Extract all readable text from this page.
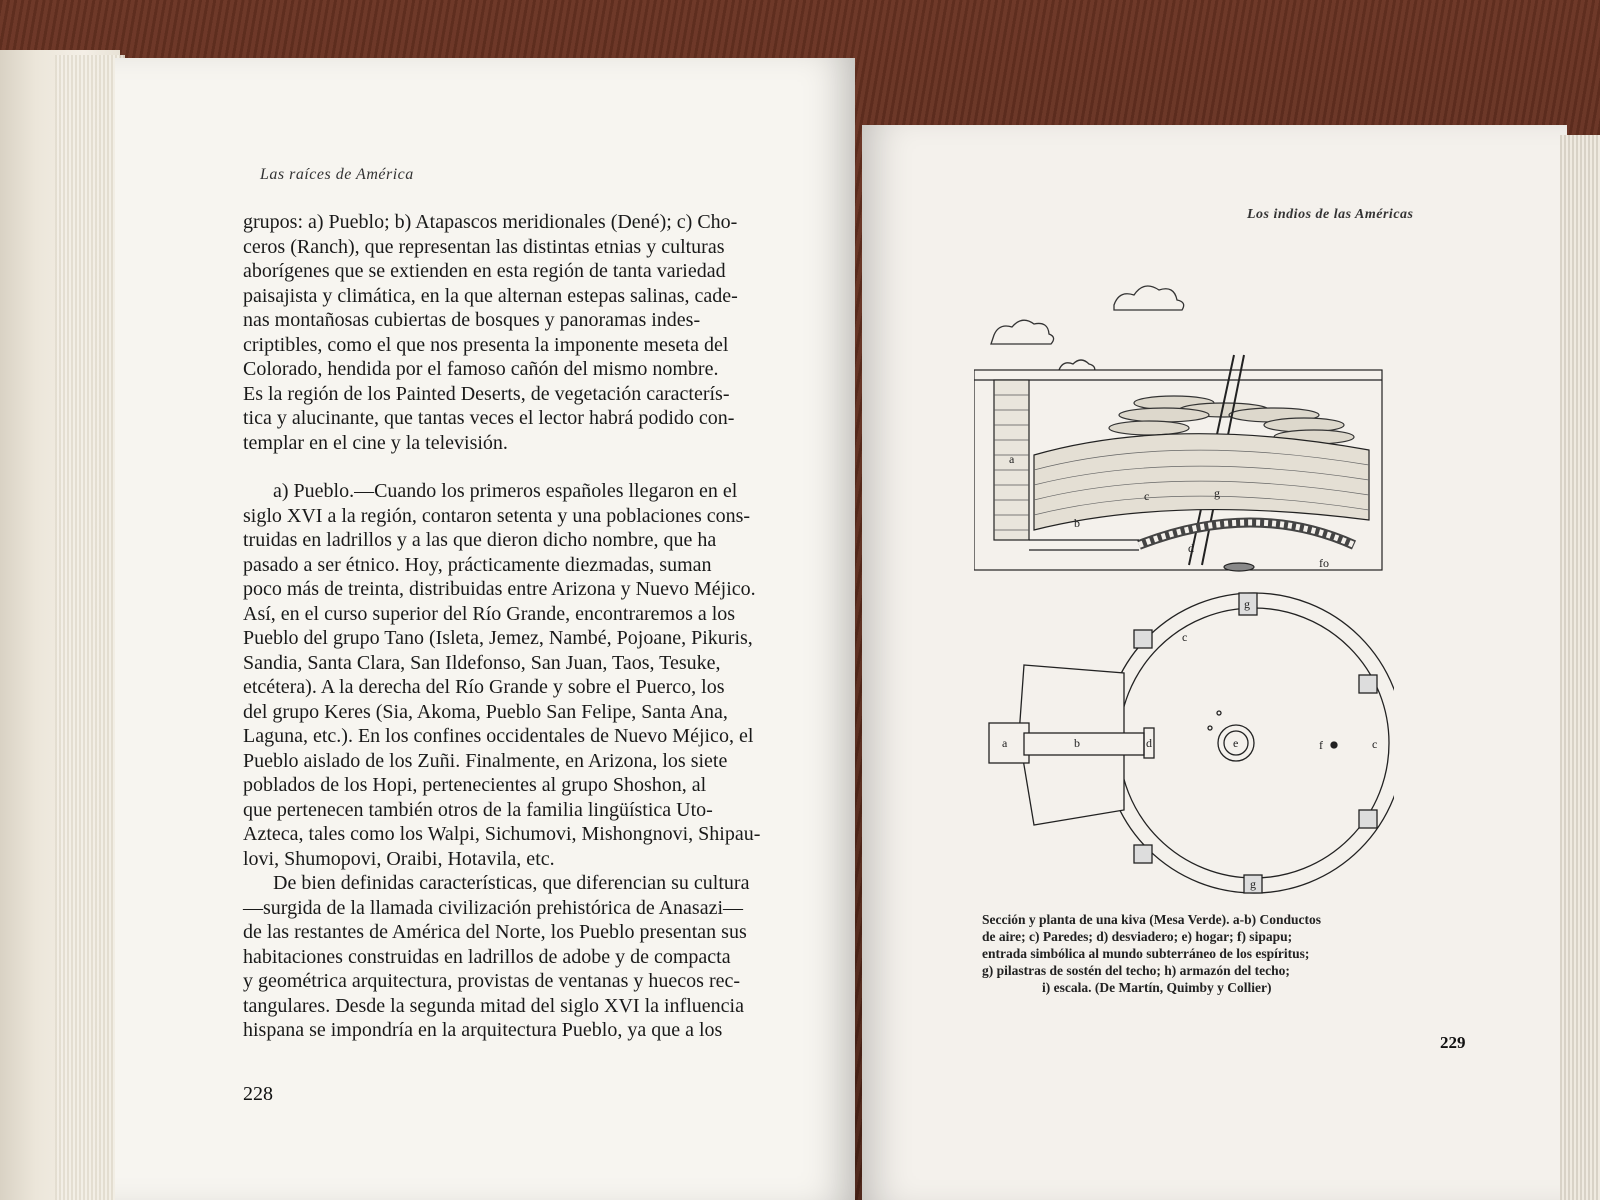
Las raíces de América
grupos: a) Pueblo; b) Atapascos meridionales (Dené); c) Cho-
ceros (Ranch), que representan las distintas etnias y culturas
aborígenes que se extienden en esta región de tanta variedad
paisajista y climática, en la que alternan estepas salinas, cade-
nas montañosas cubiertas de bosques y panoramas indes-
criptibles, como el que nos presenta la imponente meseta del
Colorado, hendida por el famoso cañón del mismo nombre.
Es la región de los Painted Deserts, de vegetación caracterís-
tica y alucinante, que tantas veces el lector habrá podido con-
templar en el cine y la televisión.
a) Pueblo.—Cuando los primeros españoles llegaron en el
siglo XVI a la región, contaron setenta y una poblaciones cons-
truidas en ladrillos y a las que dieron dicho nombre, que ha
pasado a ser étnico. Hoy, prácticamente diezmadas, suman
poco más de treinta, distribuidas entre Arizona y Nuevo Méjico.
Así, en el curso superior del Río Grande, encontraremos a los
Pueblo del grupo Tano (Isleta, Jemez, Nambé, Pojoane, Pikuris,
Sandia, Santa Clara, San Ildefonso, San Juan, Taos, Tesuke,
etcétera). A la derecha del Río Grande y sobre el Puerco, los
del grupo Keres (Sia, Akoma, Pueblo San Felipe, Santa Ana,
Laguna, etc.). En los confines occidentales de Nuevo Méjico, el
Pueblo aislado de los Zuñi. Finalmente, en Arizona, los siete
poblados de los Hopi, pertenecientes al grupo Shoshon, al
que pertenecen también otros de la familia lingüística Uto-
Azteca, tales como los Walpi, Sichumovi, Mishongnovi, Shipau-
lovi, Shumopovi, Oraibi, Hotavila, etc.
De bien definidas características, que diferencian su cultura
—surgida de la llamada civilización prehistórica de Anasazi—
de las restantes de América del Norte, los Pueblo presentan sus
habitaciones construidas en ladrillos de adobe y de compacta
y geométrica arquitectura, provistas de ventanas y huecos rec-
tangulares. Desde la segunda mitad del siglo XVI la influencia
hispana se impondría en la arquitectura Pueblo, ya que a los
228
Los indios de las Américas
a
b
c
d
g
fo
a	b
c
c
d	e	f
g
g
Sección y planta de una kiva (Mesa Verde). a-b) Conductos
de aire; c) Paredes; d) desviadero; e) hogar; f) sipapu;
entrada simbólica al mundo subterráneo de los espíritus;
g) pilastras de sostén del techo; h) armazón del techo;
i) escala. (De Martín, Quimby y Collier)
229
